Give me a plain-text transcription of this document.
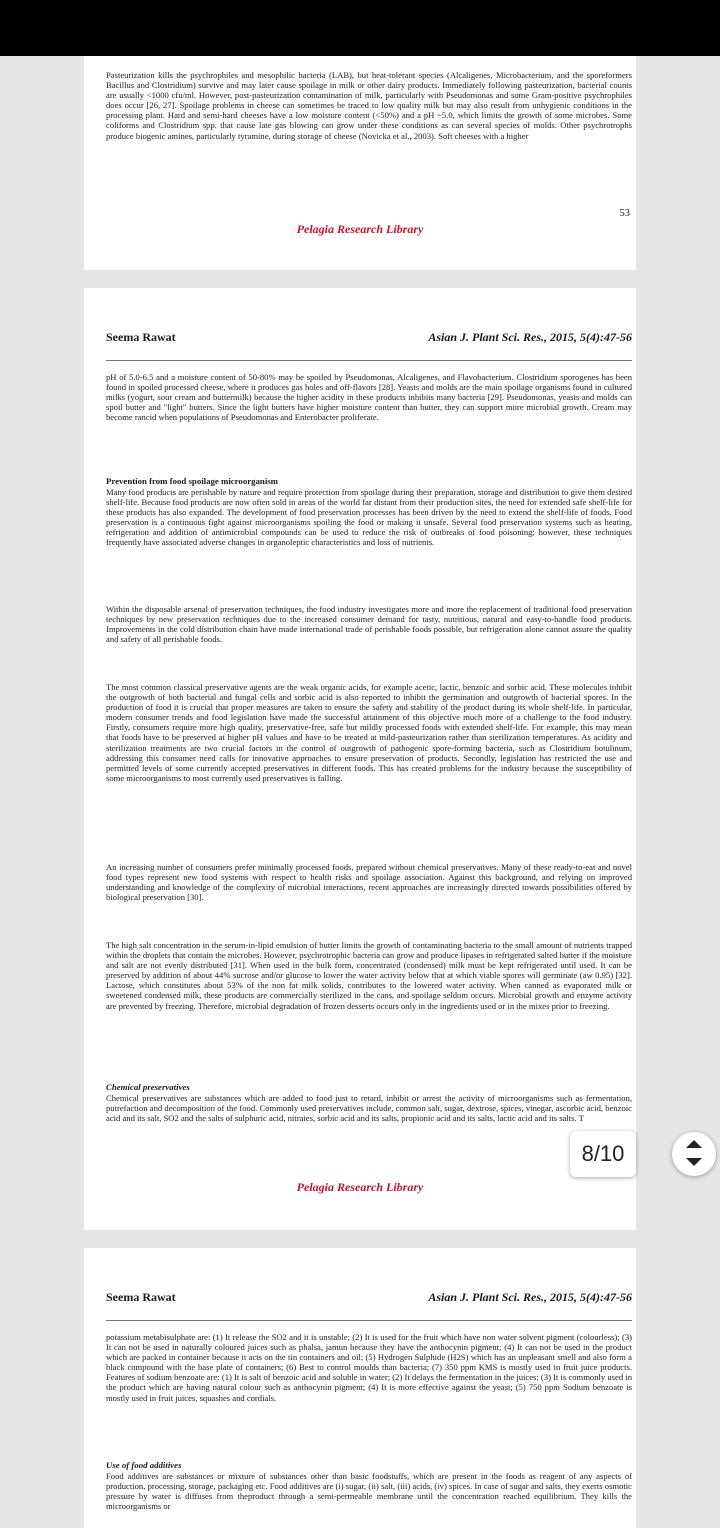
Pasteurization kills the psychrophiles and mesophilic bacteria (LAB), but heat-tolerant species (Alcaligenes, Microbacterium, and the sporeformers Bacillus and Clostridium) survive and may later cause spoilage in milk or other dairy products. Immediately following pasteurization, bacterial counts are usually <1000 cfu/ml. However, post-pasteurization contamination of milk, particularly with Pseudomonas and some Gram-positive psychrophiles does occur [26, 27]. Spoilage problems in cheese can sometimes be traced to low quality milk but may also result from unhygienic conditions in the processing plant. Hard and semi-hard cheeses have a low moisture content (<50%) and a pH ~5.0, which limits the growth of some microbes. Some coliforms and Clostridium spp. that cause late gas blowing can grow under these conditions as can several species of molds. Other psychrotrophs produce biogenic amines, particularly tyramine, during storage of cheese (Novicka et al., 2003). Soft cheeses with a higher

53
Pelagia Research Library
Seema Rawat	Asian J. Plant Sci. Res., 2015, 5(4):47-56

pH of 5.0-6.5 and a moisture content of 50-80% may be spoiled by Pseudomonas, Alcaligenes, and Flavobacterium. Clostridium sporogenes has been found in spoiled processed cheese, where it produces gas holes and off-flavors [28]. Yeasts and molds are the main spoilage organisms found in cultured milks (yogurt, sour cream and buttermilk) because the higher acidity in these products inhibits many bacteria [29]. Pseudomonas, yeasts and molds can spoil butter and "light" butters. Since the light butters have higher moisture content than butter, they can support more microbial growth. Cream may become rancid when populations of Pseudomonas and Enterobacter proliferate.

Prevention from food spoilage microorganism

Many food products are perishable by nature and require protection from spoilage during their preparation, storage and distribution to give them desired shelf-life. Because food products are now often sold in areas of the world far distant from their production sites, the need for extended safe shelf-life for these products has also expanded. The development of food preservation processes has been driven by the need to extend the shelf-life of foods. Food preservation is a continuous fight against microorganisms spoiling the food or making it unsafe. Several food preservation systems such as heating, refrigeration and addition of antimicrobial compounds can be used to reduce the risk of outbreaks of food poisoning; however, these techniques frequently have associated adverse changes in organoleptic characteristics and loss of nutrients.

Within the disposable arsenal of preservation techniques, the food industry investigates more and more the replacement of traditional food preservation techniques by new preservation techniques due to the increased consumer demand for tasty, nutritious, natural and easy-to-handle food products. Improvements in the cold distribution chain have made international trade of perishable foods possible, but refrigeration alone cannot assure the quality and safety of all perishable foods.

The most common classical preservative agents are the weak organic acids, for example acetic, lactic, benzoic and sorbic acid. These molecules inhibit the outgrowth of both bacterial and fungal cells and sorbic acid is also reported to inhibit the germination and outgrowth of bacterial spores. In the production of food it is crucial that proper measures are taken to ensure the safety and stability of the product during its whole shelf-life. In particular, modern consumer trends and food legislation have made the successful attainment of this objective much more of a challenge to the food industry. Firstly, consumers require more high quality, preservative-free, safe but mildly processed foods with extended shelf-life. For example, this may mean that foods have to be preserved at higher pH values and have to be treated at mild-pasteurization rather than sterilization temperatures. As acidity and sterilization treatments are two crucial factors in the control of outgrowth of pathogenic spore-forming bacteria, such as Clostridium botulinum, addressing this consumer need calls for innovative approaches to ensure preservation of products. Secondly, legislation has restricted the use and permitted levels of some currently accepted preservatives in different foods. This has created problems for the industry because the susceptibility of some microorganisms to most currently used preservatives is falling.

An increasing number of consumers prefer minimally processed foods, prepared without chemical preservatives. Many of these ready-to-eat and novel food types represent new food systems with respect to health risks and spoilage association. Against this background, and relying on improved understanding and knowledge of the complexity of microbial interactions, recent approaches are increasingly directed towards possibilities offered by biological preservation [30].

The high salt concentration in the serum-in-lipid emulsion of butter limits the growth of contaminating bacteria to the small amount of nutrients trapped within the droplets that contain the microbes. However, psychrotrophic bacteria can grow and produce lipases in refrigerated salted butter if the moisture and salt are not evenly distributed [31]. When used in the bulk form, concentrated (condensed) milk must be kept refrigerated until used. It can be preserved by addition of about 44% sucrose and/or glucose to lower the water activity below that at which viable spores will germinate (aw 0.95) [32]. Lactose, which constitutes about 53% of the non fat milk solids, contributes to the lowered water activity. When canned as evaporated milk or sweetened condensed milk, these products are commercially sterilized in the cans, and spoilage seldom occurs. Microbial growth and enzyme activity are prevented by freezing. Therefore, microbial degradation of frozen desserts occurs only in the ingredients used or in the mixes prior to freezing.

Chemical preservatives

Chemical preservatives are substances which are added to food just to retard, inhibit or arrest the activity of microorganisms such as fermentation, putrefaction and decomposition of the food. Commonly used preservatives include, common salt, sugar, dextrose, spices, vinegar, ascorbic acid, benzoic acid and its salt, SO2 and the salts of sulphuric acid, nitrates, sorbic acid and its salts, propionic acid and its salts, lactic acid and its salts. T

Pelagia Research Library
Seema Rawat	Asian J. Plant Sci. Res., 2015, 5(4):47-56

potassium metabisulphate are: (1) It release the SO2 and it is unstable; (2) It is used for the fruit which have non water solvent pigment (colourless); (3) It can not be used in naturally coloured juices such as phalsa, jamun because they have the anthocynin pigment; (4) It can not be used in the product which are packed in container because it acts on the tin containers and oil; (5) Hydrogen Sulphide (H2S) which has an unpleasant smell and also form a black compound with the base plate of containers; (6) Best to control moulds than bacteria; (7) 350 ppm KMS is mostly used in fruit juice products. Features of sodium benzoate are: (1) It is salt of benzoic acid and soluble in water; (2) It delays the fermentation in the juices; (3) It is commonly used in the product which are having natural colour such as anthocynin pigment; (4) It is more effective against the yeast; (5) 750 ppm Sodium benzoate is mostly used in fruit juices, squashes and cordials.

Use of food additives

Food additives are substances or mixture of substances other than basic foodstuffs, which are present in the foods as reagent of any aspects of production, processing, storage, packaging etc. Food additives are (i) sugar, (ii) salt, (iii) acids, (iv) spices. In case of sugar and salts, they exerts osmotic pressure by water is diffuses from theproduct through a semi-permeable membrane until the concentration reached equilibrium. They kills the microorganisms or

8/10
